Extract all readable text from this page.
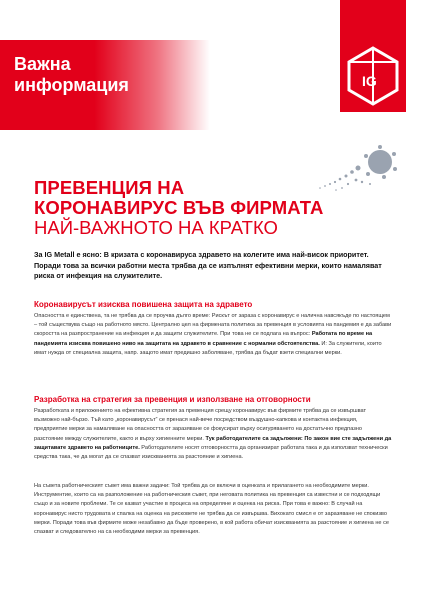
Важна информация	IG
ПРЕВЕНЦИЯ НА
КОРОНАВИРУС ВЪВ ФИРМАТА
НАЙ-ВАЖНОТО НА КРАТКО
За IG Metall е ясно: В кризата с коронавируса здравето на колегите има най-висок приоритет. Поради това за всички работни места трябва да се изпълнят ефективни мерки, които намаляват риска от инфекция на служителите.
Коронавирусът изисква повишена защита на здравето
Опасността е единствена, та не трябва да се проучва дълго време: Рискът от зараза с коронавирус е налична навсякъде по настоящем – той съществува също на работното място. Централно цел на фирмената политика за превенция в условията на пандемия е да забави скоростта на разпространение на инфекция и да защити служителите. При това не се подлага на въпрос: Работата по време на пандемията изисква повишено ниво на защитата на здравето в сравнение с нормални обстоятелства. И: За служители, които имат нужда от специална защита, напр. защото имат предишно заболяване, трябва да бъдат взети специални мерки.
Разработка на стратегия за превенция и използване на отговорности
Разработката и приложението на ефективна стратегия за превенция срещу коронавирус във фирмите трябва да се извършват възможно най-бързо. Тъй като „коронавирусът“ се пренася най-вече посредством въздушно-капкова и контактна инфекция, предприятие мерки за намаляване на опасността от заразяване се фокусират върху осигуряването на достатъчно предпазно разстояние между служителите, както и върху хигиенните мерки. Тук работодателите са задължени: По закон вие сте задължени да защитавате здравето на работниците. Работодателите носят отговорността да организират работата така и да използват технически средства така, че да могат да се спазват изискванията за разстояние и хигиена.
На съвета работническият съвет има важни задачи: Той трябва да се включи в оценката и прилагането на необходимите мерки. Инструментие, които са на разположение на работническия съвет, при неговата политика на превенция са известни и се подходящи също и за новите проблеми. Те се казват участие в процеса на определяне и оценка на риска. При това е важно: В случай на коронавирус нисто трудовата и спалка на оценка на рисковете не трябва да се извършва. Вихокато смисл е от заразяване не спокизво мерки. Поради това във фирмите може незабавно да бъде проверено, в кой работа обичат изискванията за разстояние и хигиена не се спазват и следователно на са необходими мерки за превенция.
